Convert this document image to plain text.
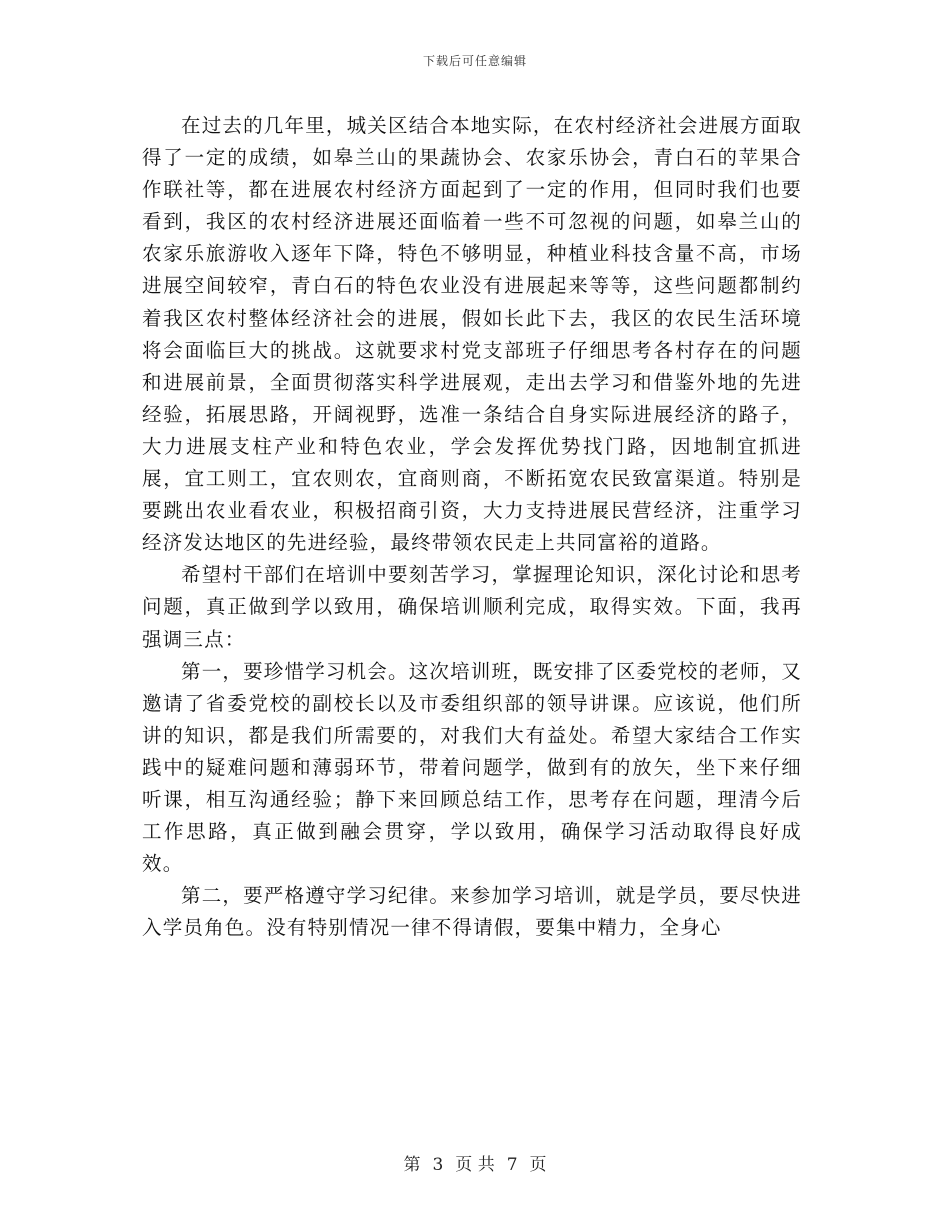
下载后可任意编辑

在过去的几年里，城关区结合本地实际，在农村经济社会进展方面取得了一定的成绩，如皋兰山的果蔬协会、农家乐协会，青白石的苹果合作联社等，都在进展农村经济方面起到了一定的作用，但同时我们也要看到，我区的农村经济进展还面临着一些不可忽视的问题，如皋兰山的农家乐旅游收入逐年下降，特色不够明显，种植业科技含量不高，市场进展空间较窄，青白石的特色农业没有进展起来等等，这些问题都制约着我区农村整体经济社会的进展，假如长此下去，我区的农民生活环境将会面临巨大的挑战。这就要求村党支部班子仔细思考各村存在的问题和进展前景，全面贯彻落实科学进展观，走出去学习和借鉴外地的先进经验，拓展思路，开阔视野，选准一条结合自身实际进展经济的路子，大力进展支柱产业和特色农业，学会发挥优势找门路，因地制宜抓进展，宜工则工，宜农则农，宜商则商，不断拓宽农民致富渠道。特别是要跳出农业看农业，积极招商引资，大力支持进展民营经济，注重学习经济发达地区的先进经验，最终带领农民走上共同富裕的道路。

希望村干部们在培训中要刻苦学习，掌握理论知识，深化讨论和思考问题，真正做到学以致用，确保培训顺利完成，取得实效。下面，我再强调三点：

第一，要珍惜学习机会。这次培训班，既安排了区委党校的老师，又邀请了省委党校的副校长以及市委组织部的领导讲课。应该说，他们所讲的知识，都是我们所需要的，对我们大有益处。希望大家结合工作实践中的疑难问题和薄弱环节，带着问题学，做到有的放矢，坐下来仔细听课，相互沟通经验；静下来回顾总结工作，思考存在问题，理清今后工作思路，真正做到融会贯穿，学以致用，确保学习活动取得良好成效。

第二，要严格遵守学习纪律。来参加学习培训，就是学员，要尽快进入学员角色。没有特别情况一律不得请假，要集中精力，全身心

第 3 页 共 7 页
